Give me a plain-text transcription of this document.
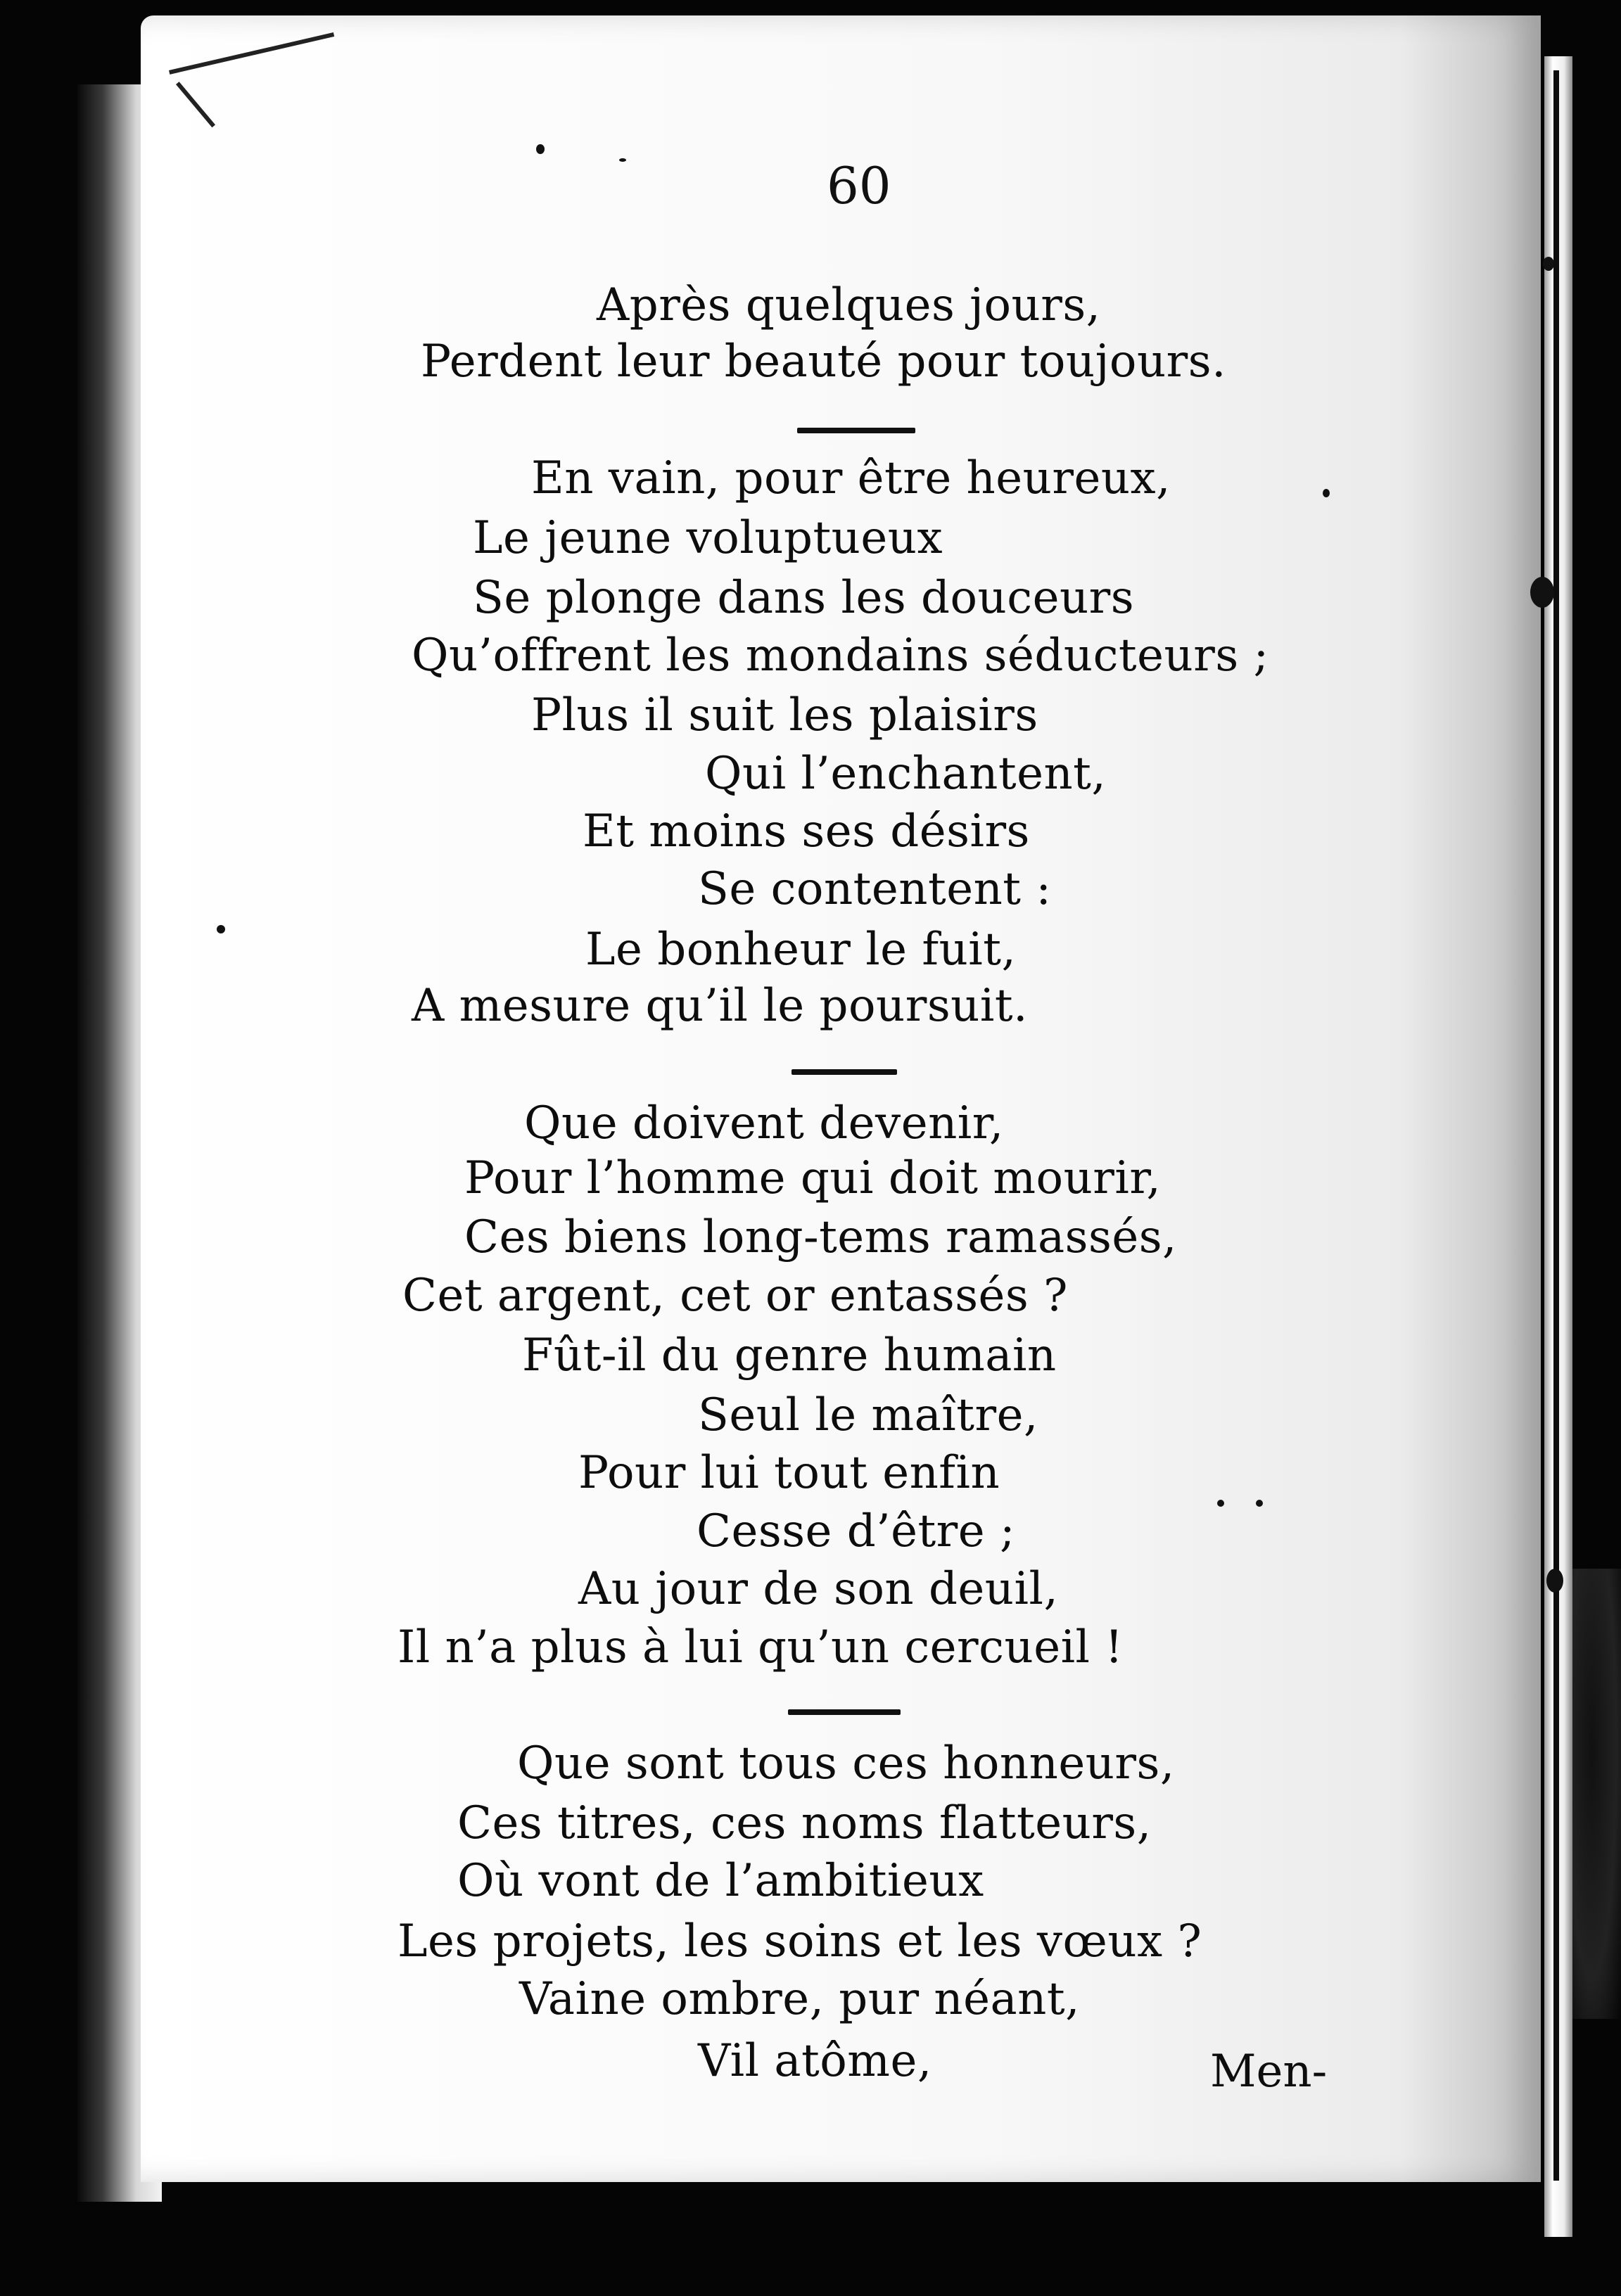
60
Après quelques jours,
Perdent leur beauté pour toujours.
En vain, pour être heureux,
Le jeune voluptueux
Se plonge dans les douceurs
Qu’offrent les mondains séducteurs ;
Plus il suit les plaisirs
Qui l’enchantent,
Et moins ses désirs
Se contentent :
Le bonheur le fuit,
A mesure qu’il le poursuit.
Que doivent devenir,
Pour l’homme qui doit mourir,
Ces biens long-tems ramassés,
Cet argent, cet or entassés ?
Fût-il du genre humain
Seul le maître,
Pour lui tout enfin
Cesse d’être ;
Au jour de son deuil,
Il n’a plus à lui qu’un cercueil !
Que sont tous ces honneurs,
Ces titres, ces noms flatteurs,
Où vont de l’ambitieux
Les projets, les soins et les vœux ?
Vaine ombre, pur néant,
Vil atôme,	Men-
